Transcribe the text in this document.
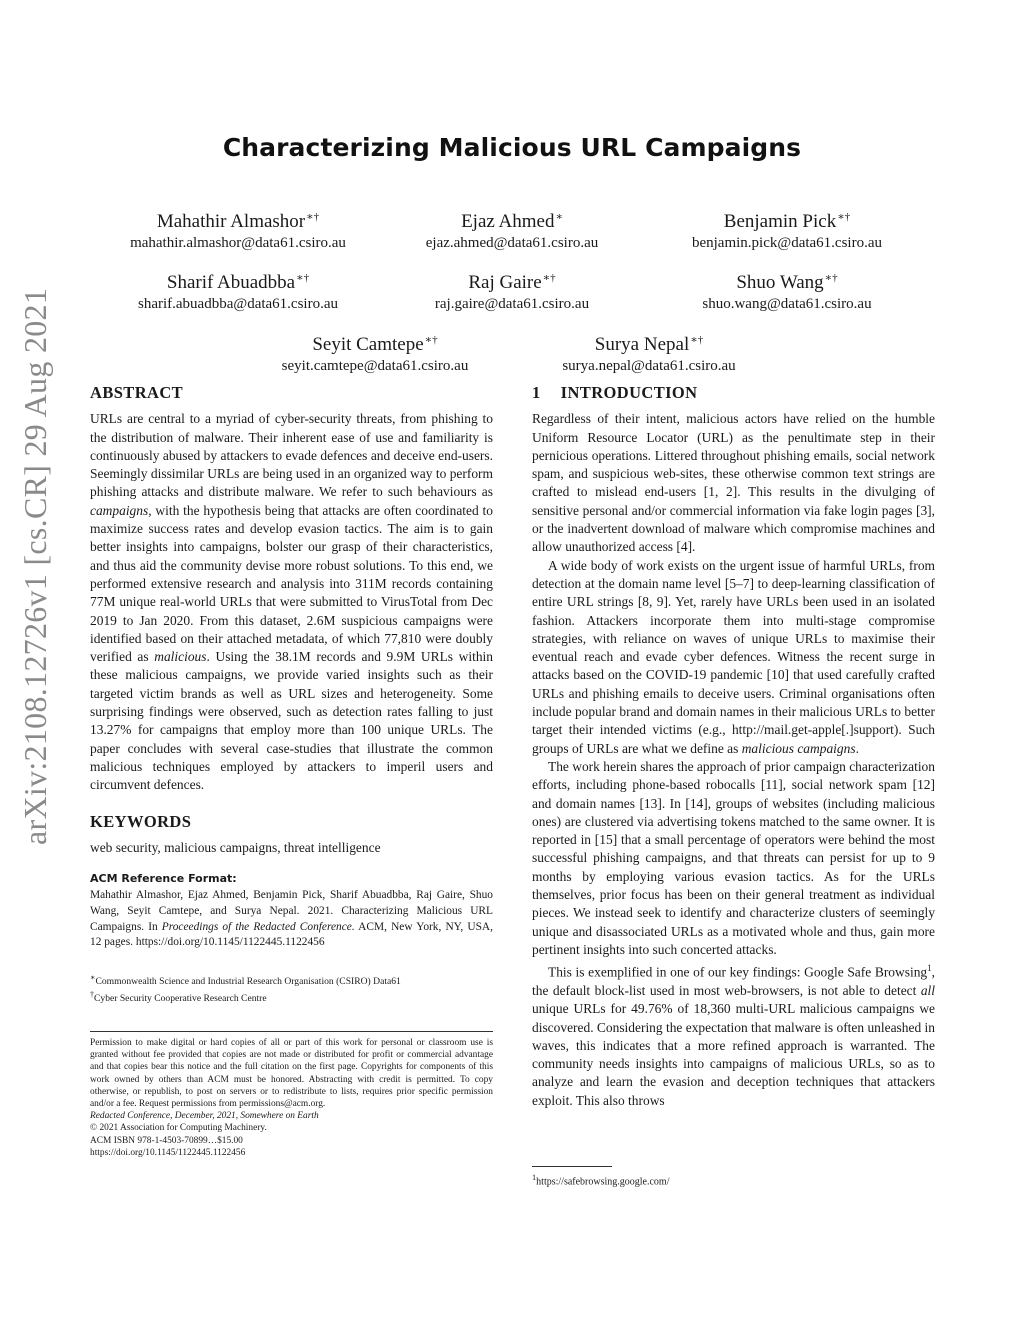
Characterizing Malicious URL Campaigns
Mahathir Almashor∗†
mahathir.almashor@data61.csiro.au
Ejaz Ahmed∗
ejaz.ahmed@data61.csiro.au
Benjamin Pick∗†
benjamin.pick@data61.csiro.au
Sharif Abuadbba∗†
sharif.abuadbba@data61.csiro.au
Raj Gaire∗†
raj.gaire@data61.csiro.au
Shuo Wang∗†
shuo.wang@data61.csiro.au
Seyit Camtepe∗†
seyit.camtepe@data61.csiro.au
Surya Nepal∗†
surya.nepal@data61.csiro.au
arXiv:2108.12726v1 [cs.CR] 29 Aug 2021 ABSTRACT

URLs are central to a myriad of cyber-security threats, from phishing to the distribution of malware. Their inherent ease of use and familiarity is continuously abused by attackers to evade defences and deceive end-users. Seemingly dissimilar URLs are being used in an organized way to perform phishing attacks and distribute malware. We refer to such behaviours as campaigns, with the hypothesis being that attacks are often coordinated to maximize success rates and develop evasion tactics. The aim is to gain better insights into campaigns, bolster our grasp of their characteristics, and thus aid the community devise more robust solutions. To this end, we performed extensive research and analysis into 311M records containing 77M unique real-world URLs that were submitted to VirusTotal from Dec 2019 to Jan 2020. From this dataset, 2.6M suspicious campaigns were identified based on their attached metadata, of which 77,810 were doubly verified as malicious. Using the 38.1M records and 9.9M URLs within these malicious campaigns, we provide varied insights such as their targeted victim brands as well as URL sizes and heterogeneity. Some surprising findings were observed, such as detection rates falling to just 13.27% for campaigns that employ more than 100 unique URLs. The paper concludes with several case-studies that illustrate the common malicious techniques employed by attackers to imperil users and circumvent defences.

KEYWORDS

web security, malicious campaigns, threat intelligence

ACM Reference Format:
Mahathir Almashor, Ejaz Ahmed, Benjamin Pick, Sharif Abuadbba, Raj Gaire, Shuo Wang, Seyit Camtepe, and Surya Nepal. 2021. Characterizing Malicious URL Campaigns. In Proceedings of the Redacted Conference. ACM, New York, NY, USA, 12 pages. https://doi.org/10.1145/1122445.1122456
∗Commonwealth Science and Industrial Research Organisation (CSIRO) Data61
†Cyber Security Cooperative Research Centre
Permission to make digital or hard copies of all or part of this work for personal or classroom use is granted without fee provided that copies are not made or distributed for profit or commercial advantage and that copies bear this notice and the full citation on the first page. Copyrights for components of this work owned by others than ACM must be honored. Abstracting with credit is permitted. To copy otherwise, or republish, to post on servers or to redistribute to lists, requires prior specific permission and/or a fee. Request permissions from permissions@acm.org.
Redacted Conference, December, 2021, Somewhere on Earth
© 2021 Association for Computing Machinery.
ACM ISBN 978-1-4503-70899…$15.00
https://doi.org/10.1145/1122445.1122456
1 INTRODUCTION

Regardless of their intent, malicious actors have relied on the humble Uniform Resource Locator (URL) as the penultimate step in their pernicious operations. Littered throughout phishing emails, social network spam, and suspicious web-sites, these otherwise common text strings are crafted to mislead end-users [1, 2]. This results in the divulging of sensitive personal and/or commercial information via fake login pages [3], or the inadvertent download of malware which compromise machines and allow unauthorized access [4].

A wide body of work exists on the urgent issue of harmful URLs, from detection at the domain name level [5–7] to deep-learning classification of entire URL strings [8, 9]. Yet, rarely have URLs been used in an isolated fashion. Attackers incorporate them into multi-stage compromise strategies, with reliance on waves of unique URLs to maximise their eventual reach and evade cyber defences. Witness the recent surge in attacks based on the COVID-19 pandemic [10] that used carefully crafted URLs and phishing emails to deceive users. Criminal organisations often include popular brand and domain names in their malicious URLs to better target their intended victims (e.g., http://mail.get-apple[.]support). Such groups of URLs are what we define as malicious campaigns.

The work herein shares the approach of prior campaign characterization efforts, including phone-based robocalls [11], social network spam [12] and domain names [13]. In [14], groups of websites (including malicious ones) are clustered via advertising tokens matched to the same owner. It is reported in [15] that a small percentage of operators were behind the most successful phishing campaigns, and that threats can persist for up to 9 months by employing various evasion tactics. As for the URLs themselves, prior focus has been on their general treatment as individual pieces. We instead seek to identify and characterize clusters of seemingly unique and disassociated URLs as a motivated whole and thus, gain more pertinent insights into such concerted attacks.

This is exemplified in one of our key findings: Google Safe Browsing$^1$, the default block-list used in most web-browsers, is not able to detect all unique URLs for 49.76% of 18,360 multi-URL malicious campaigns we discovered. Considering the expectation that malware is often unleashed in waves, this indicates that a more refined approach is warranted. The community needs insights into campaigns of malicious URLs, so as to analyze and learn the evasion and deception techniques that attackers exploit. This also throws

$^1$https://safebrowsing.google.com/
